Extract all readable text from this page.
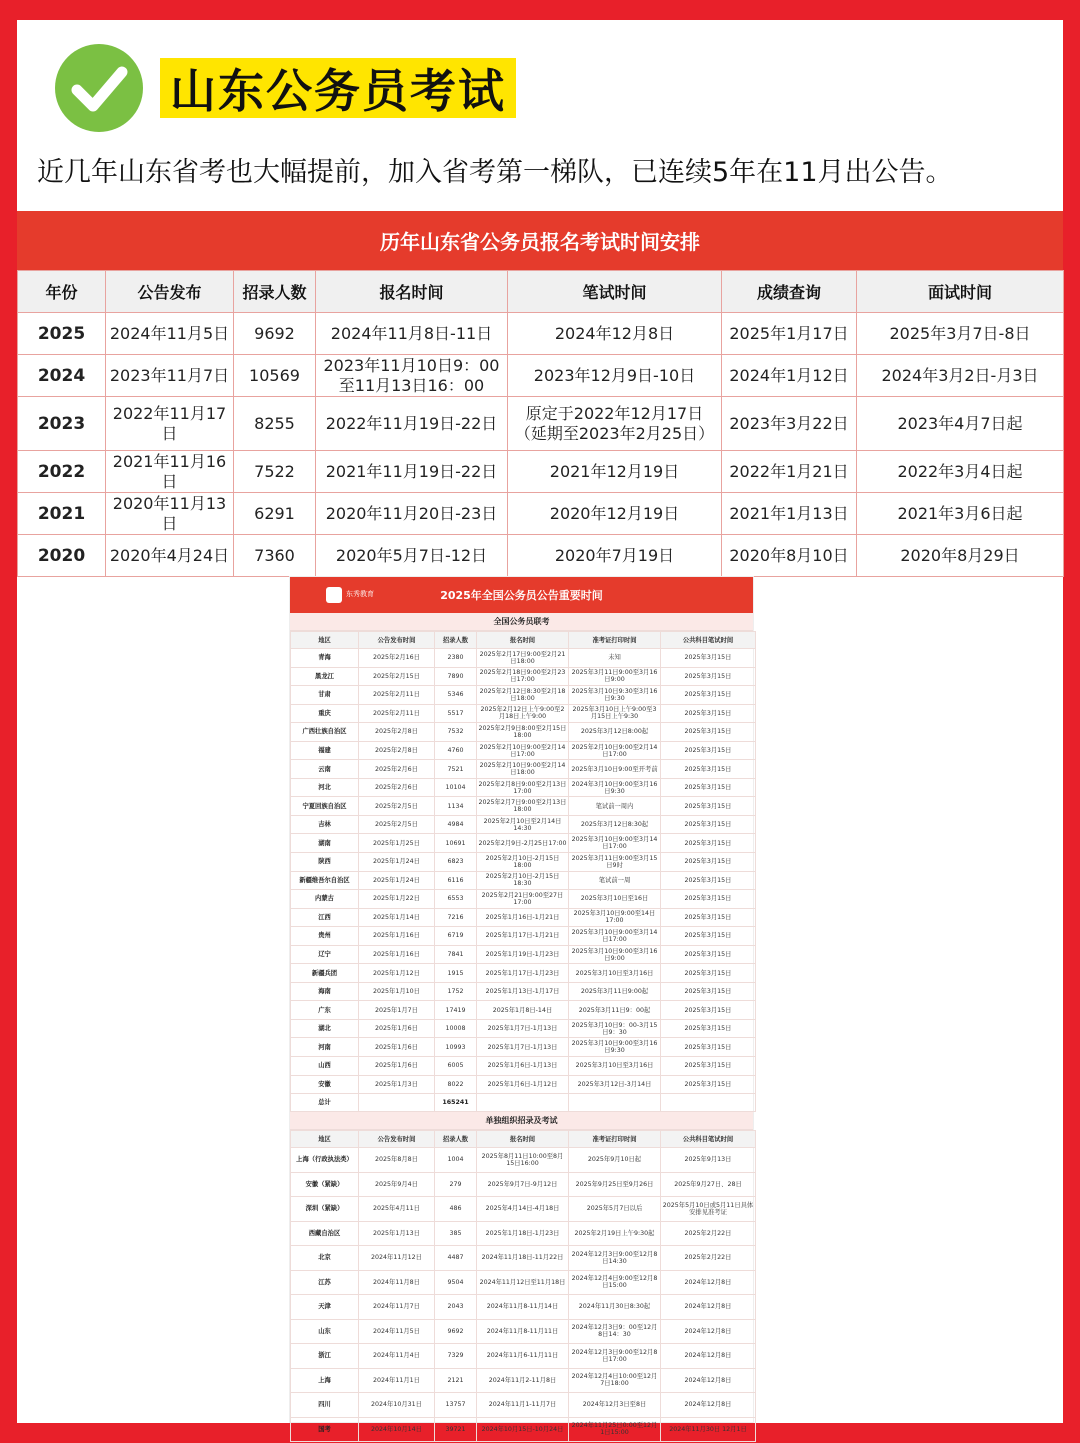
山东公务员考试
近几年山东省考也大幅提前，加入省考第一梯队，已连续5年在11月出公告。
历年山东省公务员报名考试时间安排
年份	公告发布	招录人数	报名时间	笔试时间	成绩查询	面试时间
2025	2024年11月5日	9692	2024年11月8日-11日	2024年12月8日	2025年1月17日	2025年3月7日-8日
2024	2023年11月7日	10569	2023年11月10日9：00至11月13日16：00	2023年12月9日-10日	2024年1月12日	2024年3月2日-月3日
2023	2022年11月17日	8255	2022年11月19日-22日	原定于2022年12月17日（延期至2023年2月25日）	2023年3月22日	2023年4月7日起
2022	2021年11月16日	7522	2021年11月19日-22日	2021年12月19日	2022年1月21日	2022年3月4日起
2021	2020年11月13日	6291	2020年11月20日-23日	2020年12月19日	2021年1月13日	2021年3月6日起
2020	2020年4月24日	7360	2020年5月7日-12日	2020年7月19日	2020年8月10日	2020年8月29日
东秀教育	2025年全国公务员公告重要时间
全国公务员联考
地区	公告发布时间	招录人数	报名时间	准考证打印时间	公共科目笔试时间
青海	2025年2月16日	2380	2025年2月17日9:00至2月21日18:00	未知	2025年3月15日
黑龙江	2025年2月15日	7890	2025年2月18日9:00至2月23日17:00	2025年3月11日9:00至3月16日9:00	2025年3月15日
甘肃	2025年2月11日	5346	2025年2月12日8:30至2月18日18:00	2025年3月10日9:30至3月16日9:30	2025年3月15日
重庆	2025年2月11日	5517	2025年2月12日上午9:00至2月18日上午9:00	2025年3月10日上午9:00至3月15日上午9:30	2025年3月15日
广西壮族自治区	2025年2月8日	7532	2025年2月9日8:00至2月15日18:00	2025年3月12日8:00起	2025年3月15日
福建	2025年2月8日	4760	2025年2月10日9:00至2月14日17:00	2025年2月10日9:00至2月14日17:00	2025年3月15日
云南	2025年2月6日	7521	2025年2月10日9:00至2月14日18:00	2025年3月10日9:00至开考前	2025年3月15日
河北	2025年2月6日	10104	2025年2月8日9:00至2月13日17:00	2024年3月10日9:00至3月16日9:30	2025年3月15日
宁夏回族自治区	2025年2月5日	1134	2025年2月7日9:00至2月13日18:00	笔试前一周内	2025年3月15日
吉林	2025年2月5日	4984	2025年2月10日至2月14日14:30	2025年3月12日8:30起	2025年3月15日
湖南	2025年1月25日	10691	2025年2月9日-2月25日17:00	2025年3月10日9:00至3月14日17:00	2025年3月15日
陕西	2025年1月24日	6823	2025年2月10日-2月15日18:00	2025年3月11日9:00至3月15日9时	2025年3月15日
新疆维吾尔自治区	2025年1月24日	6116	2025年2月10日-2月15日18:30	笔试前一周	2025年3月15日
内蒙古	2025年1月22日	6553	2025年2月21日9:00至27日17:00	2025年3月10日至16日	2025年3月15日
江西	2025年1月14日	7216	2025年1月16日-1月21日	2025年3月10日9:00至14日17:00	2025年3月15日
贵州	2025年1月16日	6719	2025年1月17日-1月21日	2025年3月10日9:00至3月14日17:00	2025年3月15日
辽宁	2025年1月16日	7841	2025年1月19日-1月23日	2025年3月10日9:00至3月16日9:00	2025年3月15日
新疆兵团	2025年1月12日	1915	2025年1月17日-1月23日	2025年3月10日至3月16日	2025年3月15日
海南	2025年1月10日	1752	2025年1月13日-1月17日	2025年3月11日9:00起	2025年3月15日
广东	2025年1月7日	17419	2025年1月8日-14日	2025年3月11日9：00起	2025年3月15日
湖北	2025年1月6日	10008	2025年1月7日-1月13日	2025年3月10日9：00-3月15日9：30	2025年3月15日
河南	2025年1月6日	10993	2025年1月7日-1月13日	2025年3月10日9:00至3月16日9:30	2025年3月15日
山西	2025年1月6日	6005	2025年1月6日-1月13日	2025年3月10日至3月16日	2025年3月15日
安徽	2025年1月3日	8022	2025年1月6日-1月12日	2025年3月12日-3月14日	2025年3月15日
总计		165241			
单独组织招录及考试
地区	公告发布时间	招录人数	报名时间	准考证打印时间	公共科目笔试时间
上海（行政执法类）	2025年8月8日	1004	2025年8月11日10:00至8月15日16:00	2025年9月10日起	2025年9月13日
安徽（紧缺）	2025年9月4日	279	2025年9月7日-9月12日	2025年9月25日至9月26日	2025年9月27日、28日
深圳（紧缺）	2025年4月11日	486	2025年4月14日-4月18日	2025年5月7日以后	2025年5月10日或5月11日具体安排见准考证
西藏自治区	2025年1月13日	385	2025年1月18日-1月23日	2025年2月19日上午9:30起	2025年2月22日
北京	2024年11月12日	4487	2024年11月18日-11月22日	2024年12月3日9:00至12月8日14:30	2025年2月22日
江苏	2024年11月8日	9504	2024年11月12日至11月18日	2024年12月4日9:00至12月8日15:00	2024年12月8日
天津	2024年11月7日	2043	2024年11月8-11月14日	2024年11月30日8:30起	2024年12月8日
山东	2024年11月5日	9692	2024年11月8-11月11日	2024年12月3日9：00至12月8日14：30	2024年12月8日
浙江	2024年11月4日	7329	2024年11月6-11月11日	2024年12月3日9:00至12月8日17:00	2024年12月8日
上海	2024年11月1日	2121	2024年11月2-11月8日	2024年12月4日10:00至12月7日18:00	2024年12月8日
四川	2024年10月31日	13757	2024年11月1-11月7日	2024年12月3日至8日	2024年12月8日
国考	2024年10月14日	39721	2024年10月15日-10月24日	2024年11月25日0:00至12月1日15:00	2024年11月30日 12月1日
